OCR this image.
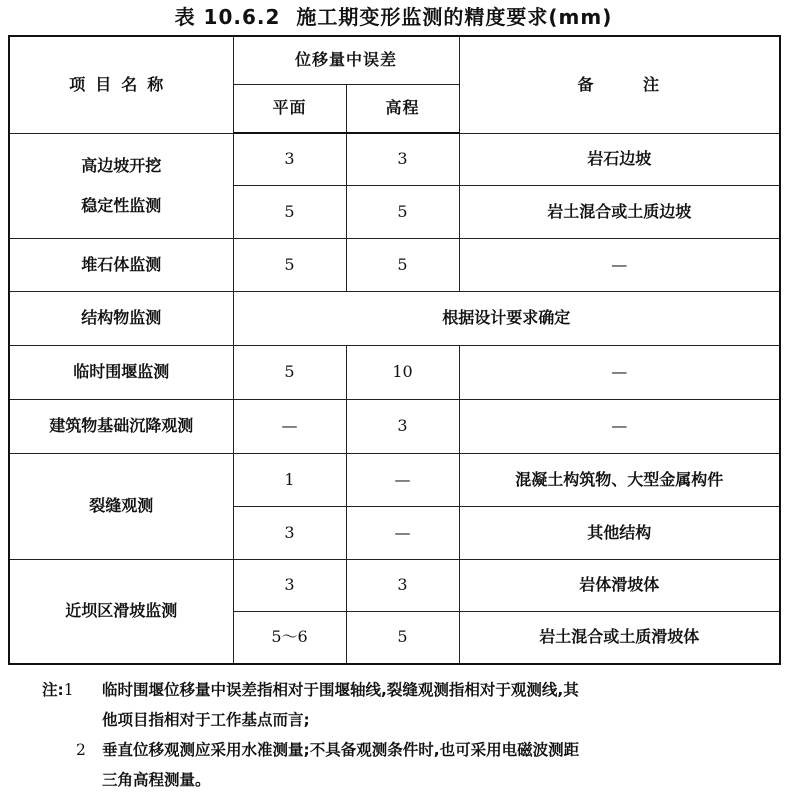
表 10.6.2 施工期变形监测的精度要求(mm)
项目名称	位移量中误差		备 注
	平面	高程	

高边坡开挖
稳定性监测	3	3	岩石边坡
	5	5	岩土混合或土质边坡
堆石体监测	5	5	—
结构物监测	根据设计要求确定		
临时围堰监测	5	10	—
建筑物基础沉降观测	—	3	—
裂缝观测	1	—	混凝土构筑物、大型金属构件
	3	—	其他结构
近坝区滑坡监测	3	3	岩体滑坡体
	5～6	5	岩土混合或土质滑坡体
注:1	临时围堰位移量中误差指相对于围堰轴线,裂缝观测指相对于观测线,其
他项目指相对于工作基点而言;
2	垂直位移观测应采用水准测量;不具备观测条件时,也可采用电磁波测距
三角高程测量。
